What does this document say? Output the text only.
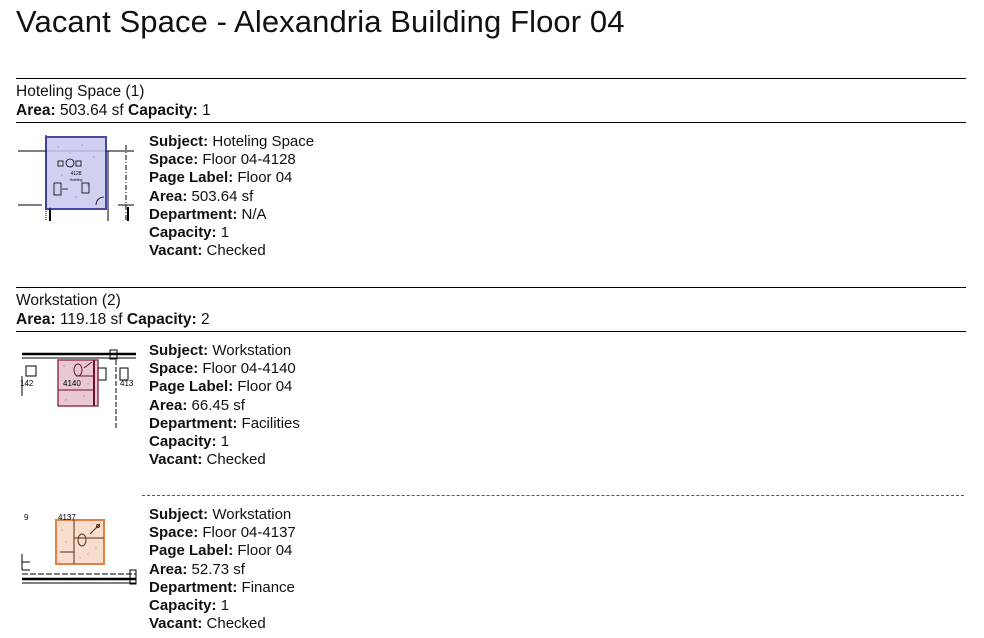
Vacant Space - Alexandria Building Floor 04
Hoteling Space (1)
Area: 503.64 sf Capacity: 1
4128
Hoteling
Subject: Hoteling Space
Space: Floor 04-4128
Page Label: Floor 04
Area: 503.64 sf
Department: N/A
Capacity: 1
Vacant: Checked
Workstation (2)
Area: 119.18 sf Capacity: 2
4140
142	413
Subject: Workstation
Space: Floor 04-4140
Page Label: Floor 04
Area: 66.45 sf
Department: Facilities
Capacity: 1
Vacant: Checked
4137
9	Subject: Workstation
Space: Floor 04-4137
Page Label: Floor 04
Area: 52.73 sf
Department: Finance
Capacity: 1
Vacant: Checked
